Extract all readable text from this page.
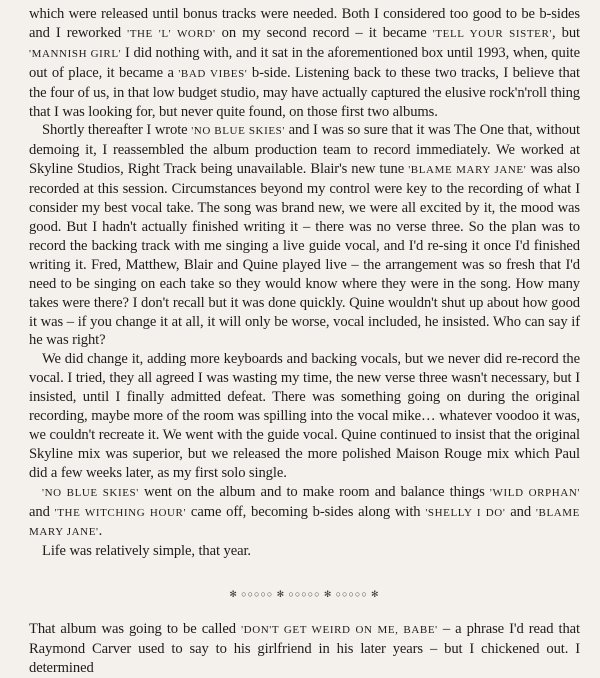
which were released until bonus tracks were needed. Both I considered too good to be b-sides and I reworked 'THE 'L' WORD' on my second record – it became 'TELL YOUR SISTER', but 'MANNISH GIRL' I did nothing with, and it sat in the aforementioned box until 1993, when, quite out of place, it became a 'BAD VIBES' b-side. Listening back to these two tracks, I believe that the four of us, in that low budget studio, may have actually captured the elusive rock'n'roll thing that I was looking for, but never quite found, on those first two albums.

Shortly thereafter I wrote 'NO BLUE SKIES' and I was so sure that it was The One that, without demoing it, I reassembled the album production team to record immediately. We worked at Skyline Studios, Right Track being unavailable. Blair's new tune 'BLAME MARY JANE' was also recorded at this session. Circumstances beyond my control were key to the recording of what I consider my best vocal take. The song was brand new, we were all excited by it, the mood was good. But I hadn't actually finished writing it – there was no verse three. So the plan was to record the backing track with me singing a live guide vocal, and I'd re-sing it once I'd finished writing it. Fred, Matthew, Blair and Quine played live – the arrangement was so fresh that I'd need to be singing on each take so they would know where they were in the song. How many takes were there? I don't recall but it was done quickly. Quine wouldn't shut up about how good it was – if you change it at all, it will only be worse, vocal included, he insisted. Who can say if he was right?

We did change it, adding more keyboards and backing vocals, but we never did re-record the vocal. I tried, they all agreed I was wasting my time, the new verse three wasn't necessary, but I insisted, until I finally admitted defeat. There was something going on during the original recording, maybe more of the room was spilling into the vocal mike… whatever voodoo it was, we couldn't recreate it. We went with the guide vocal. Quine continued to insist that the original Skyline mix was superior, but we released the more polished Maison Rouge mix which Paul did a few weeks later, as my first solo single.

'NO BLUE SKIES' went on the album and to make room and balance things 'WILD ORPHAN' and 'THE WITCHING HOUR' came off, becoming b-sides along with 'SHELLY I DO' and 'BLAME MARY JANE'.

Life was relatively simple, that year.

✻ ○○○○○ ✻ ○○○○○ ✻ ○○○○○ ✻

That album was going to be called 'DON'T GET WEIRD ON ME, BABE' – a phrase I'd read that Raymond Carver used to say to his girlfriend in his later years – but I chickened out. I determined
